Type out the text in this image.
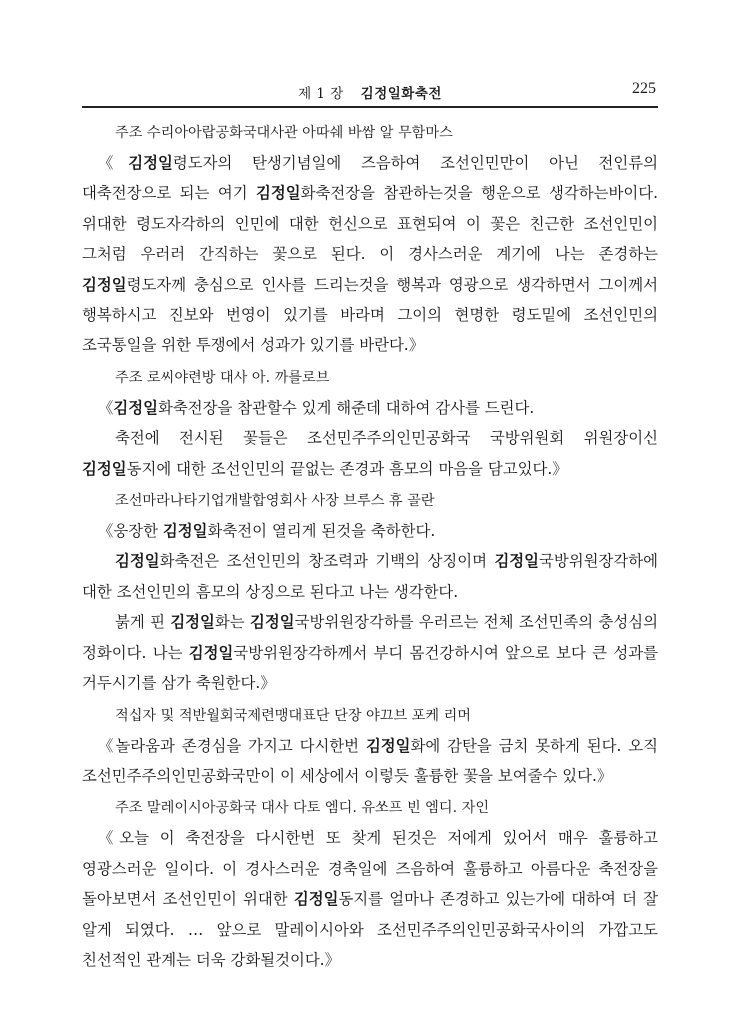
제 1 장 김정일화축전	225
주조 수리아아랍공화국대사관 아따쉐 바쌈 알 무함마스
《김정일령도자의 탄생기념일에 즈음하여 조선인민만이 아닌 전인류의 대축전장으로 되는 여기 김정일화축전장을 참관하는것을 행운으로 생각하는바이다. 위대한 령도자각하의 인민에 대한 헌신으로 표현되여 이 꽃은 친근한 조선인민이 그처럼 우러러 간직하는 꽃으로 된다. 이 경사스러운 계기에 나는 존경하는 김정일령도자께 충심으로 인사를 드리는것을 행복과 영광으로 생각하면서 그이께서 행복하시고 진보와 번영이 있기를 바라며 그이의 현명한 령도밑에 조선인민의 조국통일을 위한 투쟁에서 성과가 있기를 바란다.》
주조 로씨야련방 대사 아. 까를로브
《김정일화축전장을 참관할수 있게 해준데 대하여 감사를 드린다.
축전에 전시된 꽃들은 조선민주주의인민공화국 국방위원회 위원장이신 김정일동지에 대한 조선인민의 끝없는 존경과 흠모의 마음을 담고있다.》
조선마라나타기업개발합영회사 사장 브루스 휴 골란
《웅장한 김정일화축전이 열리게 된것을 축하한다.
김정일화축전은 조선인민의 창조력과 기백의 상징이며 김정일국방위원장각하에 대한 조선인민의 흠모의 상징으로 된다고 나는 생각한다.
붉게 핀 김정일화는 김정일국방위원장각하를 우러르는 전체 조선민족의 충성심의 정화이다. 나는 김정일국방위원장각하께서 부디 몸건강하시여 앞으로 보다 큰 성과를 거두시기를 삼가 축원한다.》
적십자 및 적반월회국제련맹대표단 단장 야끄브 포케 리머
《놀라움과 존경심을 가지고 다시한번 김정일화에 감탄을 금치 못하게 된다. 오직 조선민주주의인민공화국만이 이 세상에서 이렇듯 훌륭한 꽃을 보여줄수 있다.》
주조 말레이시아공화국 대사 다토 엠디. 유쏘프 빈 엠디. 자인
《오늘 이 축전장을 다시한번 또 찾게 된것은 저에게 있어서 매우 훌륭하고 영광스러운 일이다. 이 경사스러운 경축일에 즈음하여 훌륭하고 아름다운 축전장을 돌아보면서 조선인민이 위대한 김정일동지를 얼마나 존경하고 있는가에 대하여 더 잘 알게 되였다. … 앞으로 말레이시아와 조선민주주의인민공화국사이의 가깝고도 친선적인 관계는 더욱 강화될것이다.》
